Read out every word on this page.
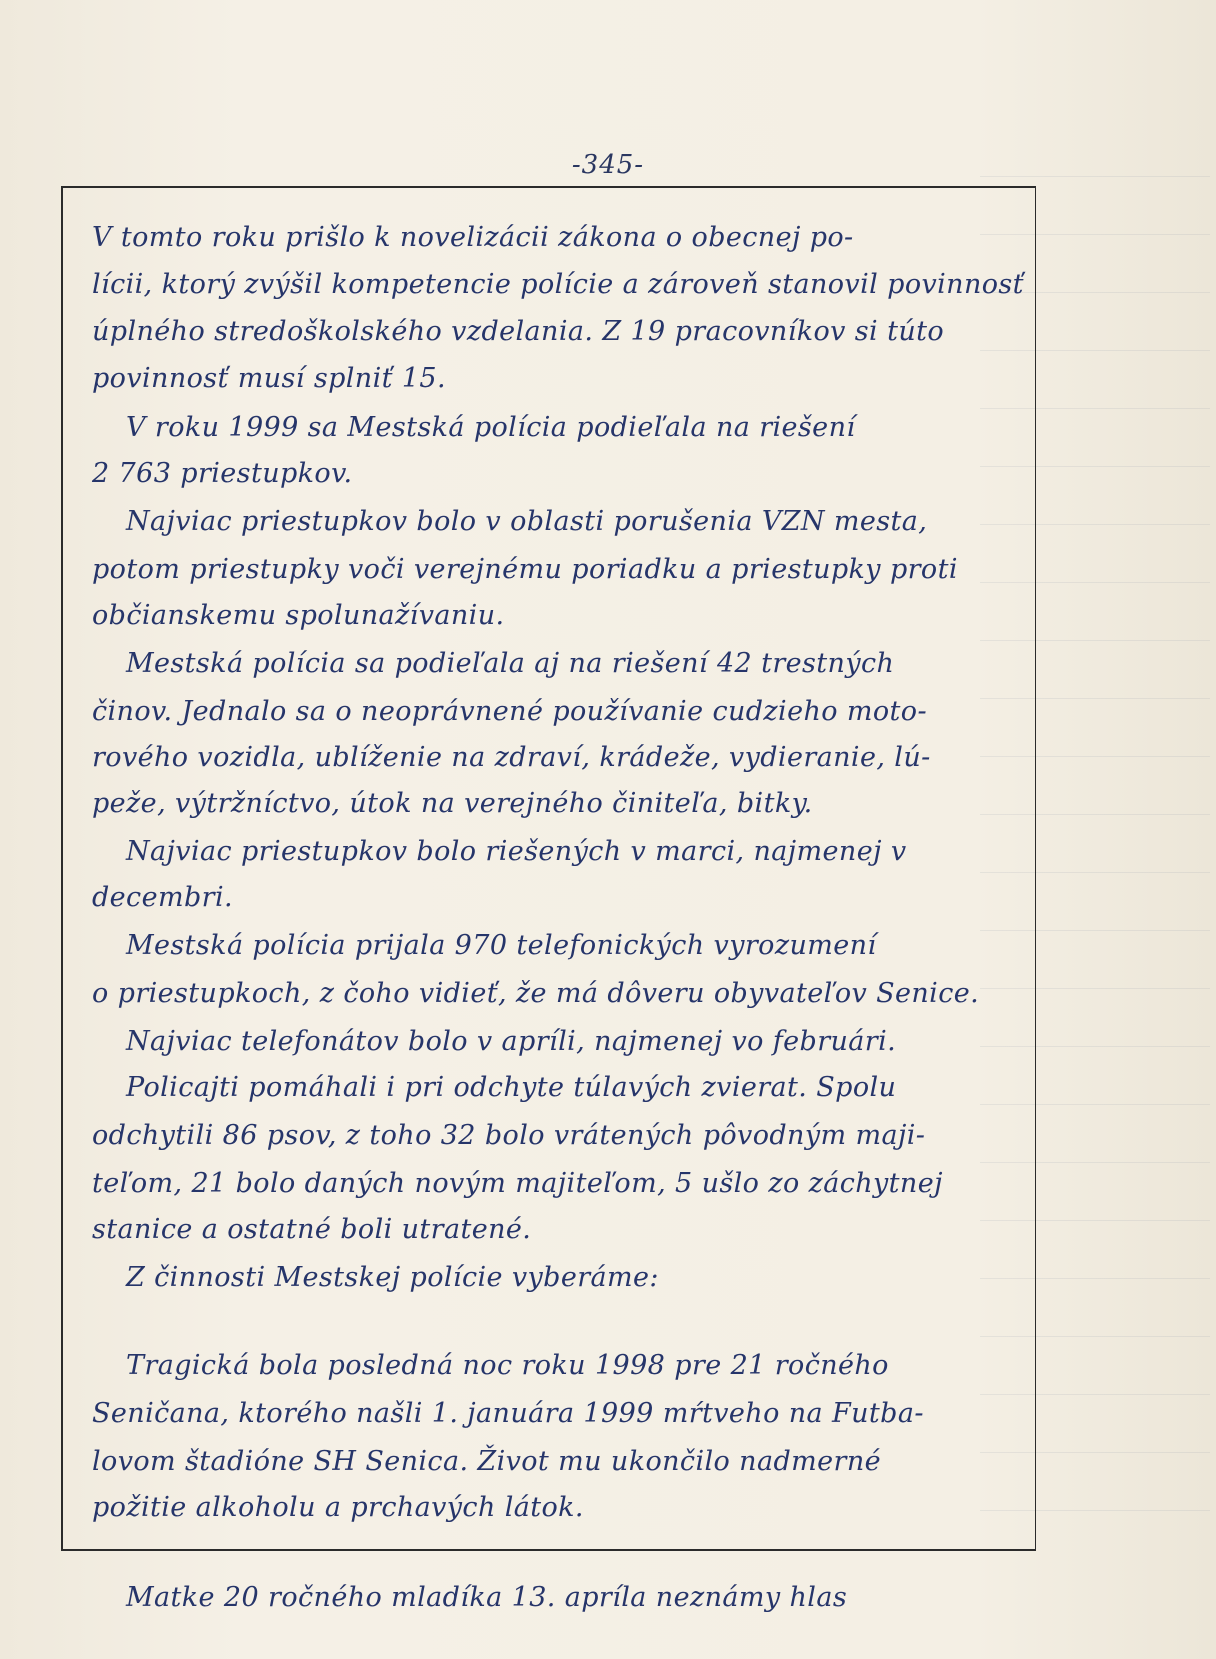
-345-
V tomto roku prišlo k novelizácii zákona o obecnej po-
lícii, ktorý zvýšil kompetencie polície a zároveň stanovil povinnosť
úplného stredoškolského vzdelania. Z 19 pracovníkov si túto
povinnosť musí splniť 15.
V roku 1999 sa Mestská polícia podieľala na riešení
2 763 priestupkov.
Najviac priestupkov bolo v oblasti porušenia VZN mesta,
potom priestupky voči verejnému poriadku a priestupky proti
občianskemu spolunažívaniu.
Mestská polícia sa podieľala aj na riešení 42 trestných
činov. Jednalo sa o neoprávnené používanie cudzieho moto-
rového vozidla, ublíženie na zdraví, krádeže, vydieranie, lú-
peže, výtržníctvo, útok na verejného činiteľa, bitky.
Najviac priestupkov bolo riešených v marci, najmenej v
decembri.
Mestská polícia prijala 970 telefonických vyrozumení
o priestupkoch, z čoho vidieť, že má dôveru obyvateľov Senice.
Najviac telefonátov bolo v apríli, najmenej vo februári.
Policajti pomáhali i pri odchyte túlavých zvierat. Spolu
odchytili 86 psov, z toho 32 bolo vrátených pôvodným maji-
teľom, 21 bolo daných novým majiteľom, 5 ušlo zo záchytnej
stanice a ostatné boli utratené.
Z činnosti Mestskej polície vyberáme:
Tragická bola posledná noc roku 1998 pre 21 ročného
Seničana, ktorého našli 1. januára 1999 mŕtveho na Futba-
lovom štadióne SH Senica. Život mu ukončilo nadmerné
požitie alkoholu a prchavých látok.
Matke 20 ročného mladíka 13. apríla neznámy hlas
